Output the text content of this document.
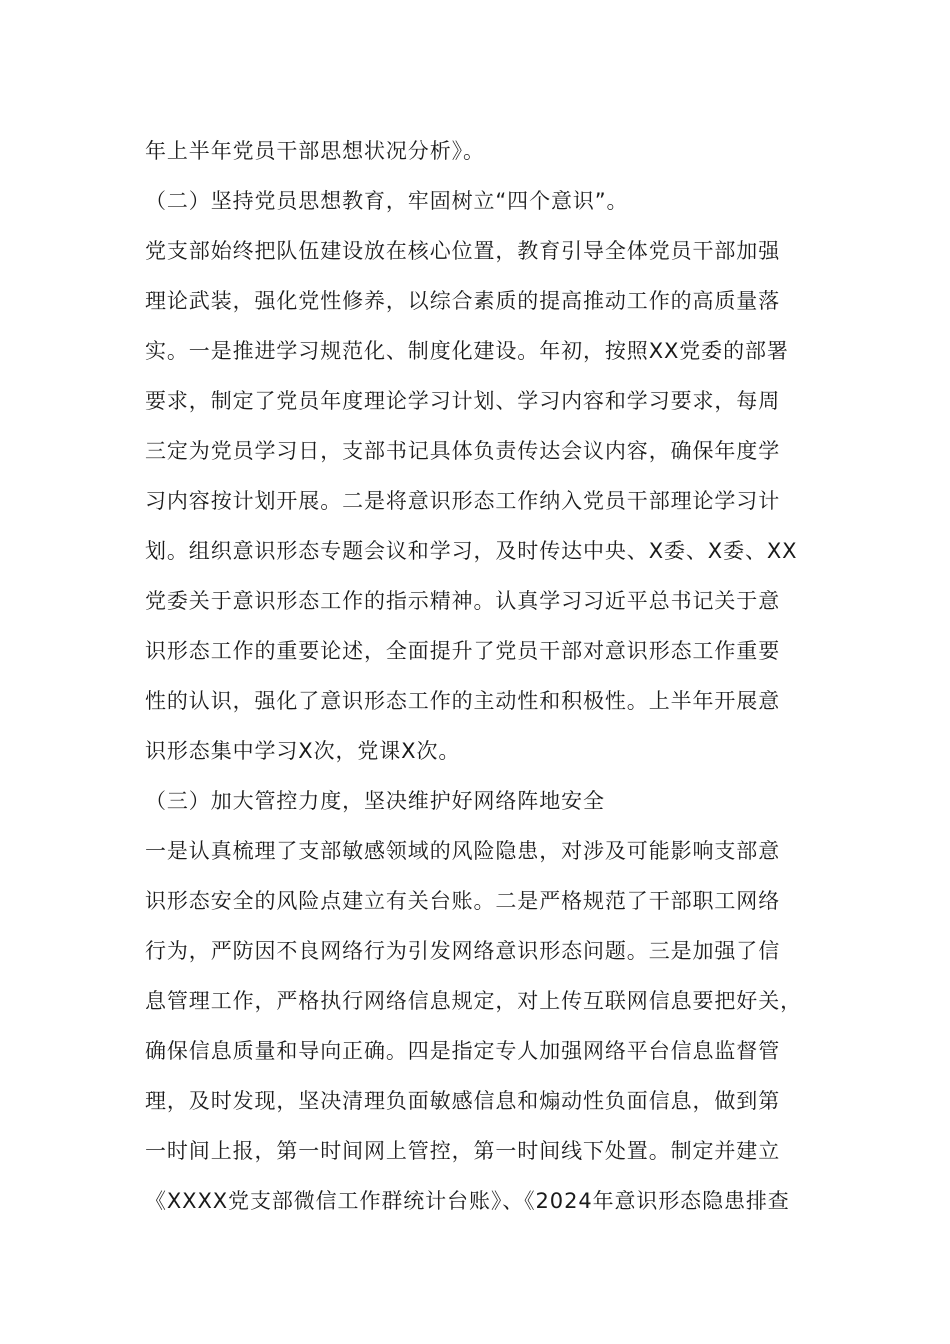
年上半年党员干部思想状况分析》。
（二）坚持党员思想教育，牢固树立“四个意识”。
党支部始终把队伍建设放在核心位置，教育引导全体党员干部加强
理论武装，强化党性修养，以综合素质的提高推动工作的高质量落
实。一是推进学习规范化、制度化建设。年初，按照XX党委的部署
要求，制定了党员年度理论学习计划、学习内容和学习要求，每周
三定为党员学习日，支部书记具体负责传达会议内容，确保年度学
习内容按计划开展。二是将意识形态工作纳入党员干部理论学习计
划。组织意识形态专题会议和学习，及时传达中央、X委、X委、XX
党委关于意识形态工作的指示精神。认真学习习近平总书记关于意
识形态工作的重要论述，全面提升了党员干部对意识形态工作重要
性的认识，强化了意识形态工作的主动性和积极性。上半年开展意
识形态集中学习X次，党课X次。
（三）加大管控力度，坚决维护好网络阵地安全
一是认真梳理了支部敏感领域的风险隐患，对涉及可能影响支部意
识形态安全的风险点建立有关台账。二是严格规范了干部职工网络
行为，严防因不良网络行为引发网络意识形态问题。三是加强了信
息管理工作，严格执行网络信息规定，对上传互联网信息要把好关，
确保信息质量和导向正确。四是指定专人加强网络平台信息监督管
理，及时发现，坚决清理负面敏感信息和煽动性负面信息，做到第
一时间上报，第一时间网上管控，第一时间线下处置。制定并建立
《XXXX党支部微信工作群统计台账》、《2024年意识形态隐患排查
